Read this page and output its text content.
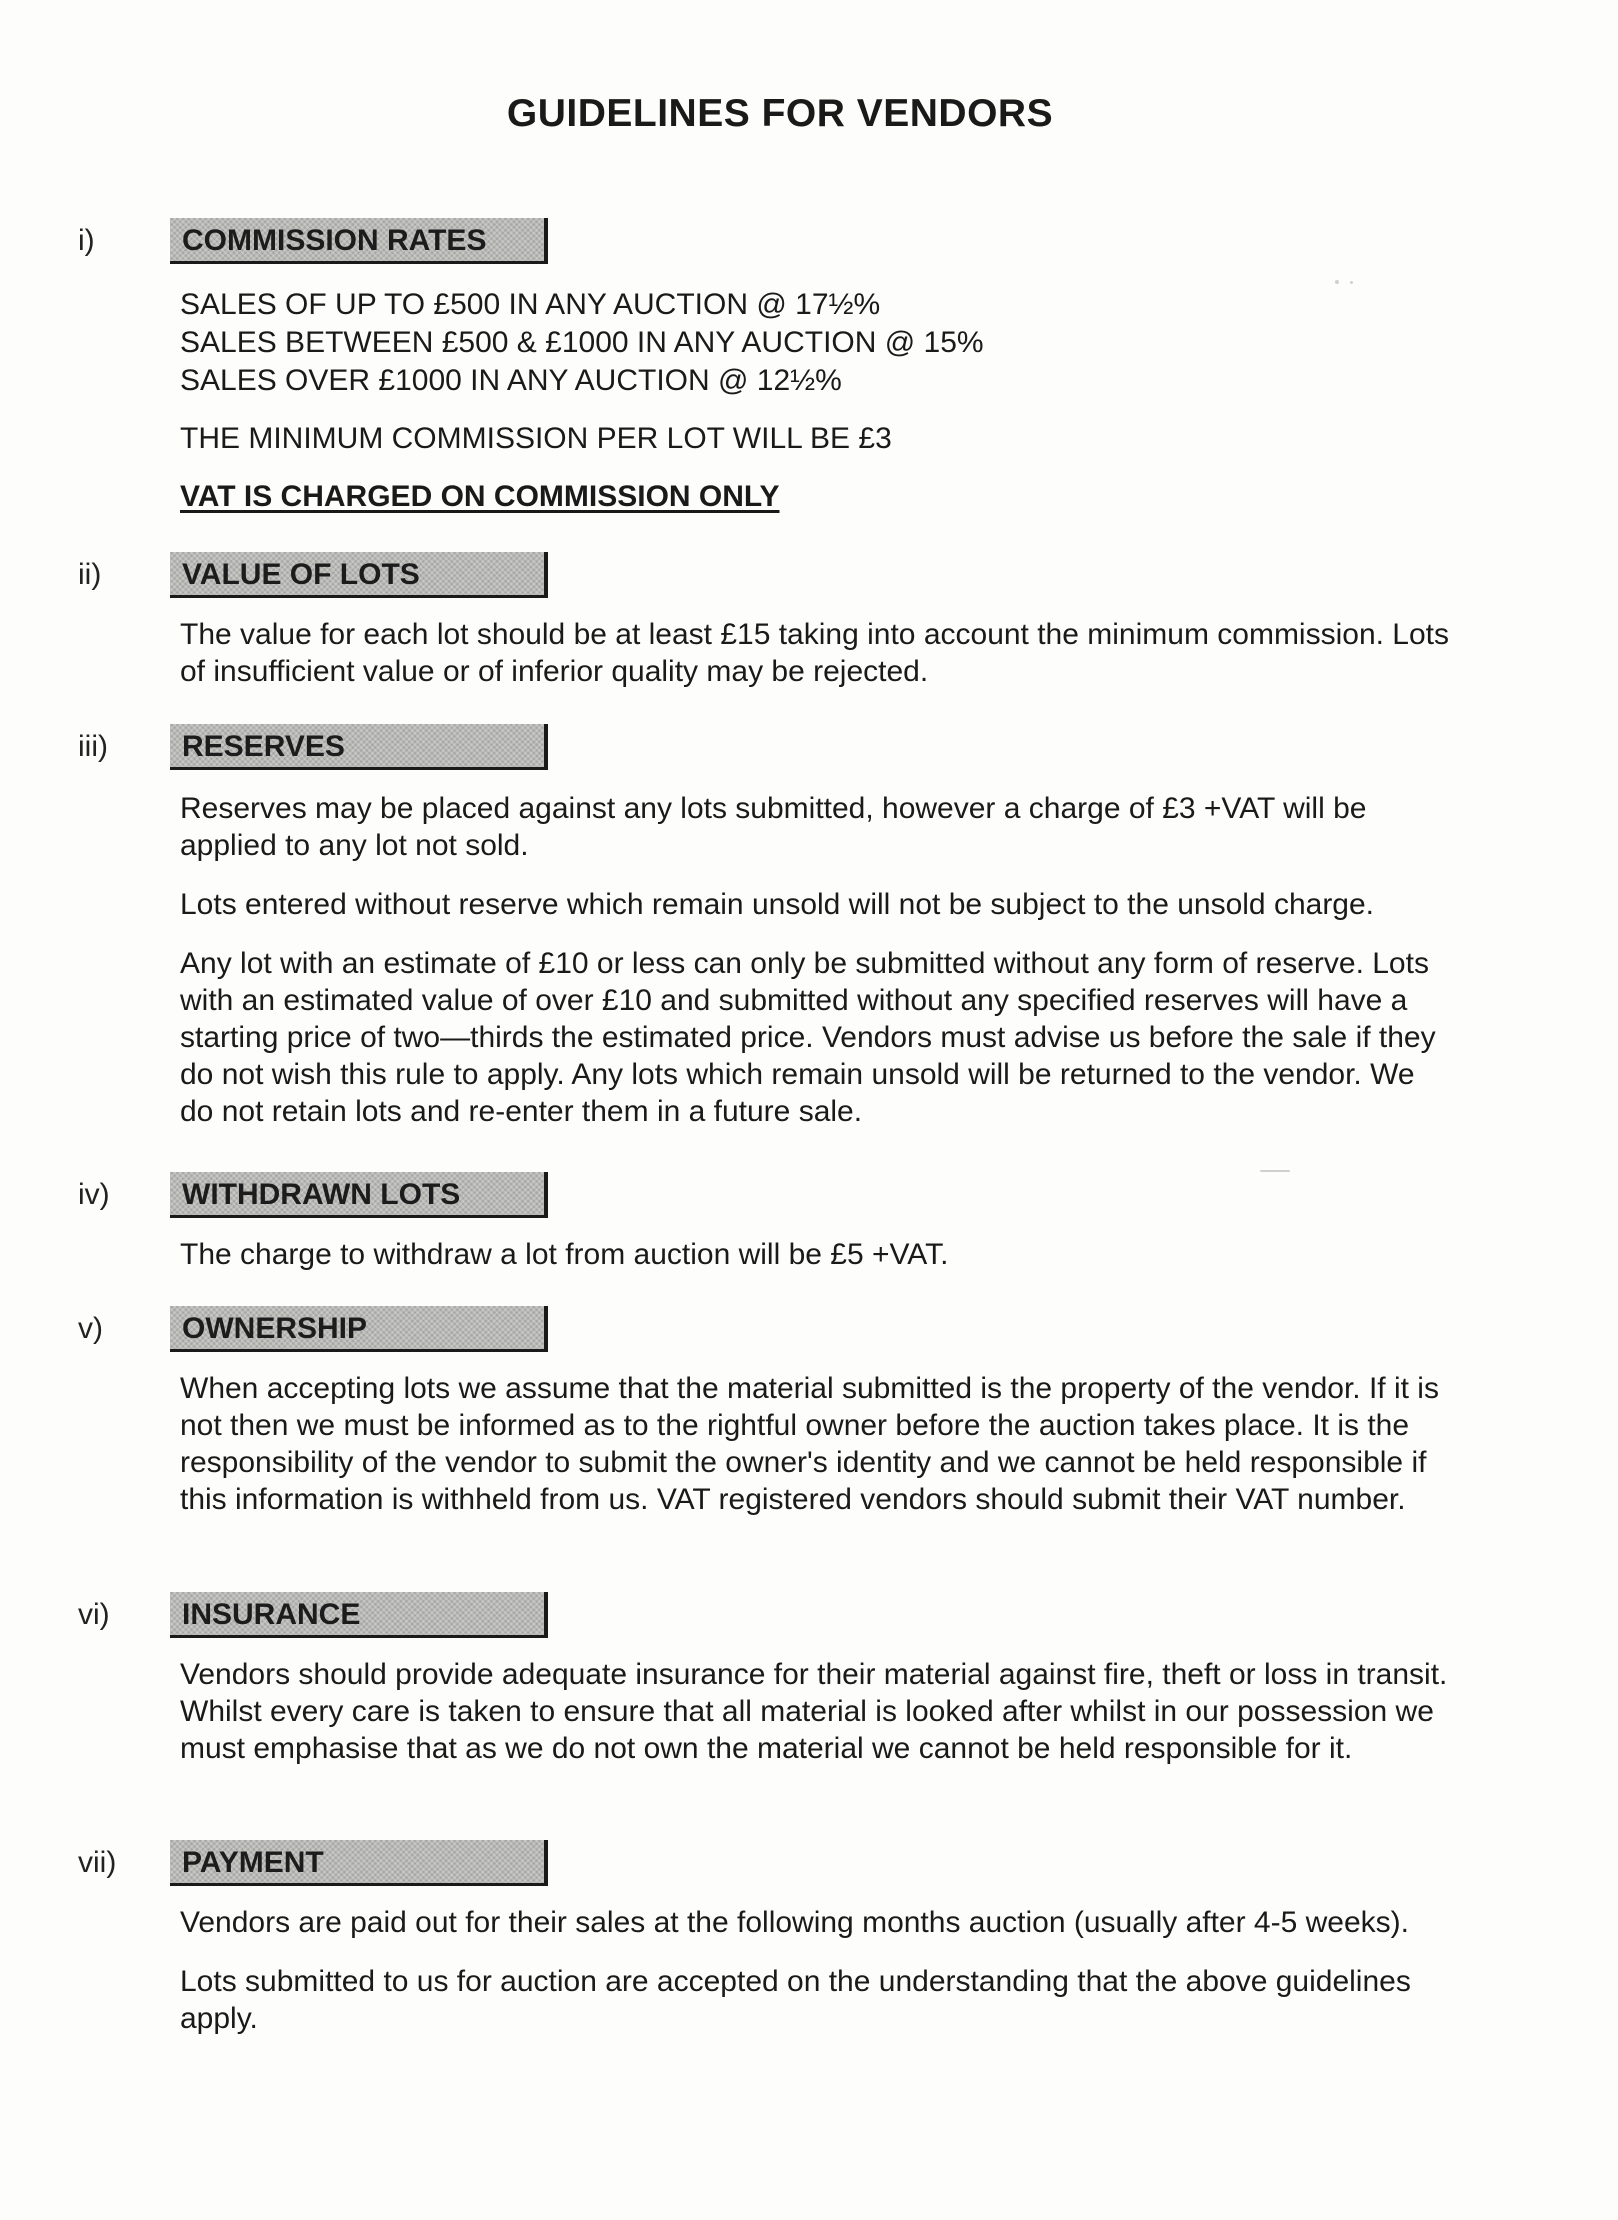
GUIDELINES FOR VENDORS
i)	COMMISSION RATES
SALES OF UP TO £500 IN ANY AUCTION @ 17½%
SALES BETWEEN £500 & £1000 IN ANY AUCTION @ 15%
SALES OVER £1000 IN ANY AUCTION @ 12½%
THE MINIMUM COMMISSION PER LOT WILL BE £3
VAT IS CHARGED ON COMMISSION ONLY
ii)	VALUE OF LOTS

The value for each lot should be at least £15 taking into account the minimum commission. Lots of insufficient value or of inferior quality may be rejected.

iii) RESERVES

Reserves may be placed against any lots submitted, however a charge of £3 +VAT will be applied to any lot not sold.

Lots entered without reserve which remain unsold will not be subject to the unsold charge.

Any lot with an estimate of £10 or less can only be submitted without any form of reserve. Lots with an estimated value of over £10 and submitted without any specified reserves will have a starting price of two—thirds the estimated price. Vendors must advise us before the sale if they do not wish this rule to apply. Any lots which remain unsold will be returned to the vendor. We do not retain lots and re-enter them in a future sale.

iv) WITHDRAWN LOTS

The charge to withdraw a lot from auction will be £5 +VAT.

v)	OWNERSHIP

When accepting lots we assume that the material submitted is the property of the vendor. If it is not then we must be informed as to the rightful owner before the auction takes place. It is the responsibility of the vendor to submit the owner's identity and we cannot be held responsible if this information is withheld from us. VAT registered vendors should submit their VAT number.

vi) INSURANCE

Vendors should provide adequate insurance for their material against fire, theft or loss in transit. Whilst every care is taken to ensure that all material is looked after whilst in our possession we must emphasise that as we do not own the material we cannot be held responsible for it.

vii) PAYMENT

Vendors are paid out for their sales at the following months auction (usually after 4-5 weeks).

Lots submitted to us for auction are accepted on the understanding that the above guidelines apply.
